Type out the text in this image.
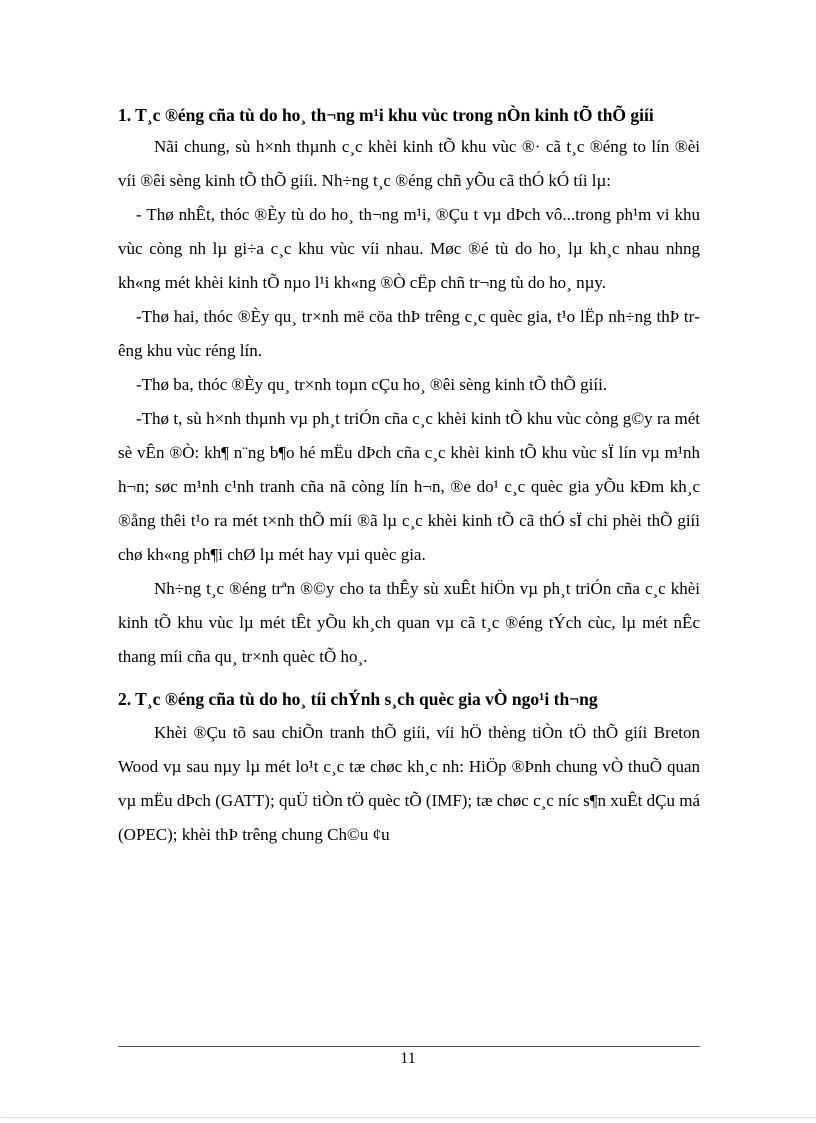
1. T¸c ®éng cña tù do ho¸ th¬ng m¹i khu vùc trong nÒn kinh tÕ thÕ giíi

Nãi chung, sù h×nh thµnh c¸c khèi kinh tÕ khu vùc ®· cã t¸c ®éng to lín ®èi víi ®êi sèng kinh tÕ thÕ giíi. Nh÷ng t¸c ®éng chñ yÕu cã thÓ kÓ tíi lµ:

- Thø nhÊt, thóc ®Èy tù do ho¸ th¬ng m¹i, ®Çu t vµ dÞch vô...trong ph¹m vi khu vùc còng nh lµ gi÷a c¸c khu vùc víi nhau. Møc ®é tù do ho¸ lµ kh¸c nhau nhng kh«ng mét khèi kinh tÕ nµo l¹i kh«ng ®Ò cËp chñ tr¬ng tù do ho¸ nµy.

-Thø hai, thóc ®Èy qu¸ tr×nh më cöa thÞ trêng c¸c quèc gia, t¹o lËp nh÷ng thÞ trêng khu vùc réng lín.

-Thø ba, thóc ®Èy qu¸ tr×nh toµn cÇu ho¸ ®êi sèng kinh tÕ thÕ giíi.

-Thø t, sù h×nh thµnh vµ ph¸t triÓn cña c¸c khèi kinh tÕ khu vùc còng g©y ra mét sè vÊn ®Ò: kh¶ n¨ng b¶o hé mËu dÞch cña c¸c khèi kinh tÕ khu vùc sÏ lín vµ m¹nh h¬n; søc m¹nh c¹nh tranh cña nã còng lín h¬n, ®e do¹ c¸c quèc gia yÕu kÐm kh¸c ®ång thêi t¹o ra mét t×nh thÕ míi ®ã lµ c¸c khèi kinh tÕ cã thÓ sÏ chi phèi thÕ giíi chø kh«ng ph¶i chØ lµ mét hay vµi quèc gia.

Nh÷ng t¸c ®éng trªn ®©y cho ta thÊy sù xuÊt hiÖn vµ ph¸t triÓn cña c¸c khèi kinh tÕ khu vùc lµ mét tÊt yÕu kh¸ch quan vµ cã t¸c ®éng tÝch cùc, lµ mét nÊc thang míi cña qu¸ tr×nh quèc tÕ ho¸.

2. T¸c ®éng cña tù do ho¸ tíi chÝnh s¸ch quèc gia vÒ ngo¹i th¬ng

Khèi ®Çu tõ sau chiÕn tranh thÕ giíi, víi hÖ thèng tiÒn tÖ thÕ giíi Breton Wood vµ sau nµy lµ mét lo¹t c¸c tæ chøc kh¸c nh: HiÖp ®Þnh chung vÒ thuÕ quan vµ mËu dÞch (GATT); quÜ tiÒn tÖ quèc tÕ (IMF); tæ chøc c¸c níc s¶n xuÊt dÇu má (OPEC); khèi thÞ trêng chung Ch©u ¢u

11
